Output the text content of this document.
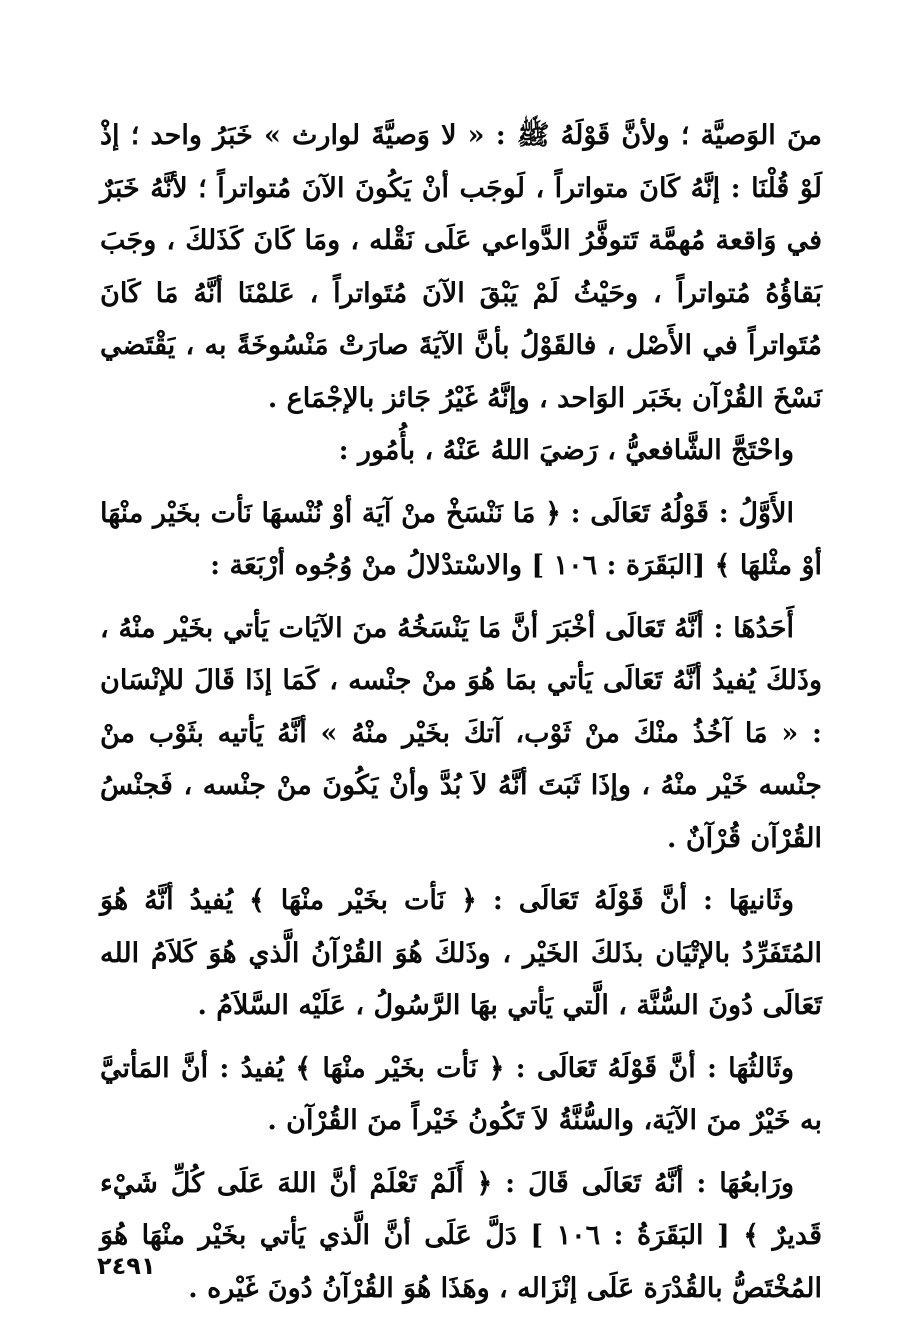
منَ الوَصيَّة ؛ ولأنَّ قَوْلَهُ ﷺ : « لا وَصيَّةَ لوارث » خَبَرُ واحد ؛ إذْ لَوْ قُلْنَا : إنَّهُ كَانَ متواتراً ، لَوجَب أنْ يَكُونَ الآنَ مُتواتراً ؛ لأنَّهُ خَبَرٌ في وَاقعة مُهمَّة تَتوفَّرُ الدَّواعي عَلَى نَقْله ، ومَا كَانَ كَذَلكَ ، وجَبَ بَقاؤُهُ مُتواتراً ، وحَيْثُ لَمْ يَبْقَ الآنَ مُتَواتراً ، عَلمْنَا أنَّهُ مَا كَانَ مُتَواتراً في الأَصْل ، فالقَوْلُ بأنَّ الآيَةَ صارَتْ مَنْسُوخَةً به ، يَقْتَضي نَسْخَ القُرْآن بخَبَر الوَاحد ، وإنَّهُ غَيْرُ جَائز بالإجْمَاع .

واحْتَجَّ الشَّافعيُّ ، رَضيَ اللهُ عَنْهُ ، بأُمُور :

الأَوَّلُ : قَوْلُهُ تَعَالَى : ﴿ مَا نَنْسَخْ منْ آيَة أوْ نُنْسهَا نَأت بخَيْر منْهَا أوْ مثْلهَا ﴾ [البَقَرَة : ١٠٦ ] والاسْتدْلالُ منْ وُجُوه أرْبَعَة :

أَحَدُهَا : أنَّهُ تَعَالَى أخْبَرَ أنَّ مَا يَنْسَخُهُ منَ الآيَات يَأتي بخَيْر منْهُ ، وذَلكَ يُفيدُ أنَّهُ تَعَالَى يَأتي بمَا هُوَ منْ جنْسه ، كَمَا إذَا قَالَ للإنْسَان : « مَا آخُذُ منْكَ منْ ثَوْب، آتكَ بخَيْر منْهُ » أنَّهُ يَأتيه بثَوْب منْ جنْسه خَيْر منْهُ ، وإذَا ثَبَتَ أنَّهُ لاَ بُدَّ وأنْ يَكُونَ منْ جنْسه ، فَجنْسُ القُرْآن قُرْآنٌ .

وثَانيهَا : أنَّ قَوْلَهُ تَعَالَى : ﴿ نَأت بخَيْر منْهَا ﴾ يُفيدُ أنَّهُ هُوَ المُتَفَرِّدُ بالإتْيَان بذَلكَ الخَيْر ، وذَلكَ هُوَ القُرْآنُ الَّذي هُوَ كَلاَمُ الله تَعَالَى دُونَ السُّنَّة ، الَّتي يَأتي بهَا الرَّسُولُ ، عَلَيْه السَّلاَمُ .

وثَالثُهَا : أنَّ قَوْلَهُ تَعَالَى : ﴿ نَأت بخَيْر منْهَا ﴾ يُفيدُ : أنَّ المَأتيَّ به خَيْرٌ منَ الآيَة، والسُّنَّةُ لاَ تَكُونُ خَيْراً منَ القُرْآن .

ورَابعُهَا : أنَّهُ تَعَالَى قَالَ : ﴿ أَلَمْ تَعْلَمْ أنَّ اللهَ عَلَى كُلِّ شَيْء قَديرٌ ﴾ [ البَقَرَةُ : ١٠٦ ] دَلَّ عَلَى أنَّ الَّذي يَأتي بخَيْر منْهَا هُوَ المُخْتَصُّ بالقُدْرَة عَلَى إنْزَاله ، وهَذَا هُوَ القُرْآنُ دُونَ غَيْره .

٢٤٩١
